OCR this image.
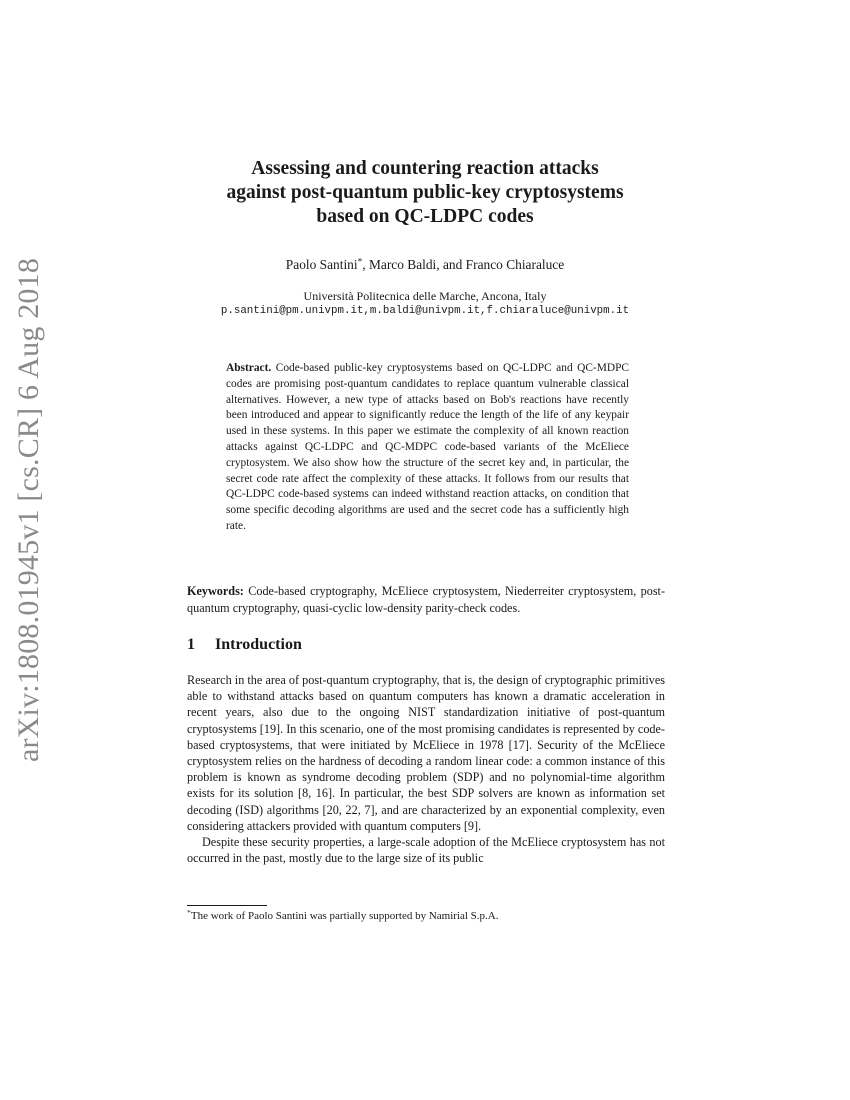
arXiv:1808.01945v1 [cs.CR] 6 Aug 2018
Assessing and countering reaction attacks
against post-quantum public-key cryptosystems
based on QC-LDPC codes
Paolo Santini*, Marco Baldi, and Franco Chiaraluce
Università Politecnica delle Marche, Ancona, Italy
p.santini@pm.univpm.it,m.baldi@univpm.it,f.chiaraluce@univpm.it
Abstract. Code-based public-key cryptosystems based on QC-LDPC and QC-MDPC codes are promising post-quantum candidates to replace quantum vulnerable classical alternatives. However, a new type of attacks based on Bob's reactions have recently been introduced and appear to significantly reduce the length of the life of any keypair used in these systems. In this paper we estimate the complexity of all known reaction attacks against QC-LDPC and QC-MDPC code-based variants of the McEliece cryptosystem. We also show how the structure of the secret key and, in particular, the secret code rate affect the complexity of these attacks. It follows from our results that QC-LDPC code-based systems can indeed withstand reaction attacks, on condition that some specific decoding algorithms are used and the secret code has a sufficiently high rate.
Keywords: Code-based cryptography, McEliece cryptosystem, Niederreiter cryptosystem, post-quantum cryptography, quasi-cyclic low-density parity-check codes.
1 Introduction

Research in the area of post-quantum cryptography, that is, the design of cryptographic primitives able to withstand attacks based on quantum computers has known a dramatic acceleration in recent years, also due to the ongoing NIST standardization initiative of post-quantum cryptosystems [19]. In this scenario, one of the most promising candidates is represented by code-based cryptosystems, that were initiated by McEliece in 1978 [17]. Security of the McEliece cryptosystem relies on the hardness of decoding a random linear code: a common instance of this problem is known as syndrome decoding problem (SDP) and no polynomial-time algorithm exists for its solution [8, 16]. In particular, the best SDP solvers are known as information set decoding (ISD) algorithms [20, 22, 7], and are characterized by an exponential complexity, even considering attackers provided with quantum computers [9].

Despite these security properties, a large-scale adoption of the McEliece cryptosystem has not occurred in the past, mostly due to the large size of its public

*The work of Paolo Santini was partially supported by Namirial S.p.A.
